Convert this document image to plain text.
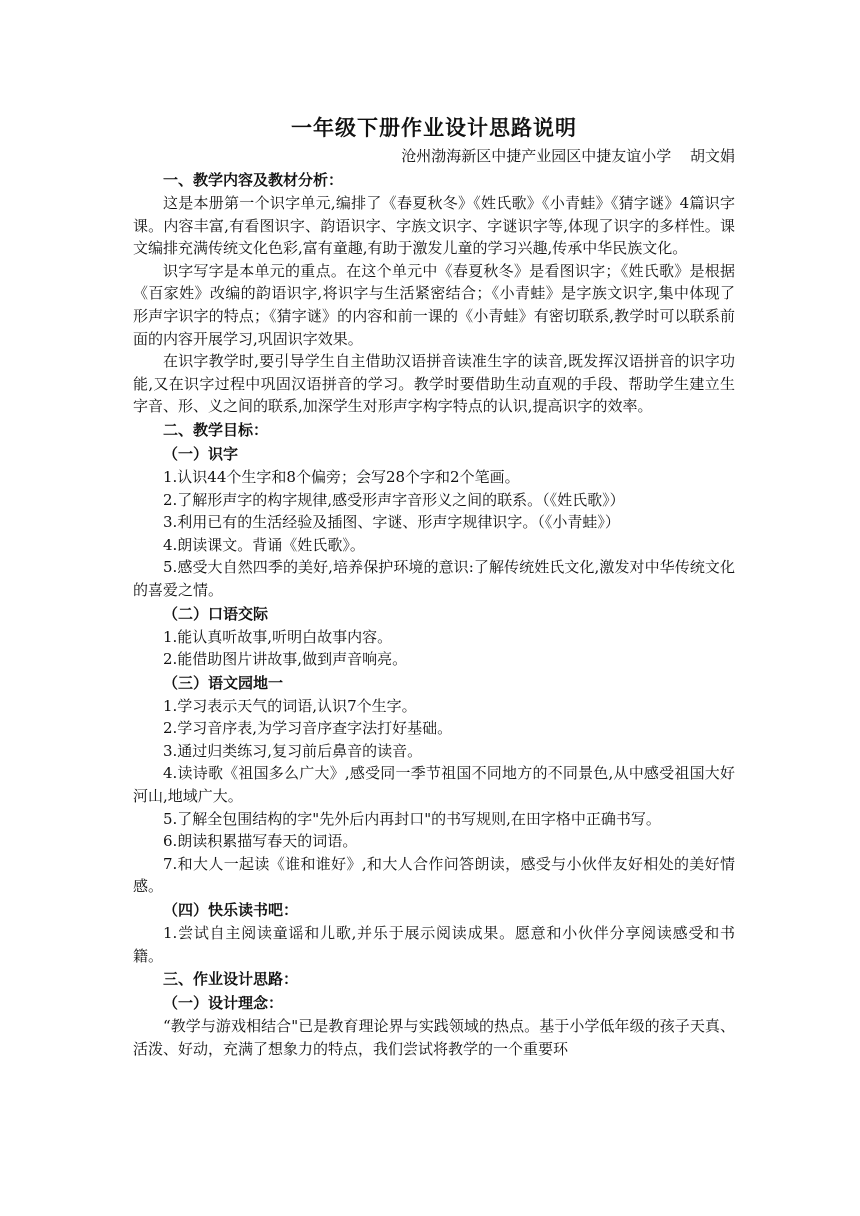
一年级下册作业设计思路说明

沧州渤海新区中捷产业园区中捷友谊小学 胡文娟

一、教学内容及教材分析：

这是本册第一个识字单元,编排了《春夏秋冬》《姓氏歌》《小青蛙》《猜字谜》4篇识字课。内容丰富,有看图识字、韵语识字、字族文识字、字谜识字等,体现了识字的多样性。课文编排充满传统文化色彩,富有童趣,有助于激发儿童的学习兴趣,传承中华民族文化。

识字写字是本单元的重点。在这个单元中《春夏秋冬》是看图识字；《姓氏歌》是根据《百家姓》改编的韵语识字,将识字与生活紧密结合；《小青蛙》是字族文识字,集中体现了形声字识字的特点；《猜字谜》的内容和前一课的《小青蛙》有密切联系,教学时可以联系前面的内容开展学习,巩固识字效果。

在识字教学时,要引导学生自主借助汉语拼音读准生字的读音,既发挥汉语拼音的识字功能,又在识字过程中巩固汉语拼音的学习。教学时要借助生动直观的手段、帮助学生建立生字音、形、义之间的联系,加深学生对形声字构字特点的认识,提高识字的效率。

二、教学目标：

（一）识字

1.认识44个生字和8个偏旁；会写28个字和2个笔画。

2.了解形声字的构字规律,感受形声字音形义之间的联系。（《姓氏歌》）

3.利用已有的生活经验及插图、字谜、形声字规律识字。（《小青蛙》）

4.朗读课文。背诵《姓氏歌》。

5.感受大自然四季的美好,培养保护环境的意识:了解传统姓氏文化,激发对中华传统文化的喜爱之情。

（二）口语交际

1.能认真听故事,听明白故事内容。

2.能借助图片讲故事,做到声音响亮。

（三）语文园地一

1.学习表示天气的词语,认识7个生字。

2.学习音序表,为学习音序查字法打好基础。

3.通过归类练习,复习前后鼻音的读音。

4.读诗歌《祖国多么广大》,感受同一季节祖国不同地方的不同景色,从中感受祖国大好河山,地域广大。

5.了解全包围结构的字"先外后内再封口"的书写规则,在田字格中正确书写。

6.朗读积累描写春天的词语。

7.和大人一起读《谁和谁好》,和大人合作问答朗读，感受与小伙伴友好相处的美好情感。

（四）快乐读书吧：

1.尝试自主阅读童谣和儿歌,并乐于展示阅读成果。愿意和小伙伴分享阅读感受和书籍。

三、作业设计思路：

（一）设计理念：

“教学与游戏相结合"已是教育理论界与实践领域的热点。基于小学低年级的孩子天真、活泼、好动，充满了想象力的特点，我们尝试将教学的一个重要环
